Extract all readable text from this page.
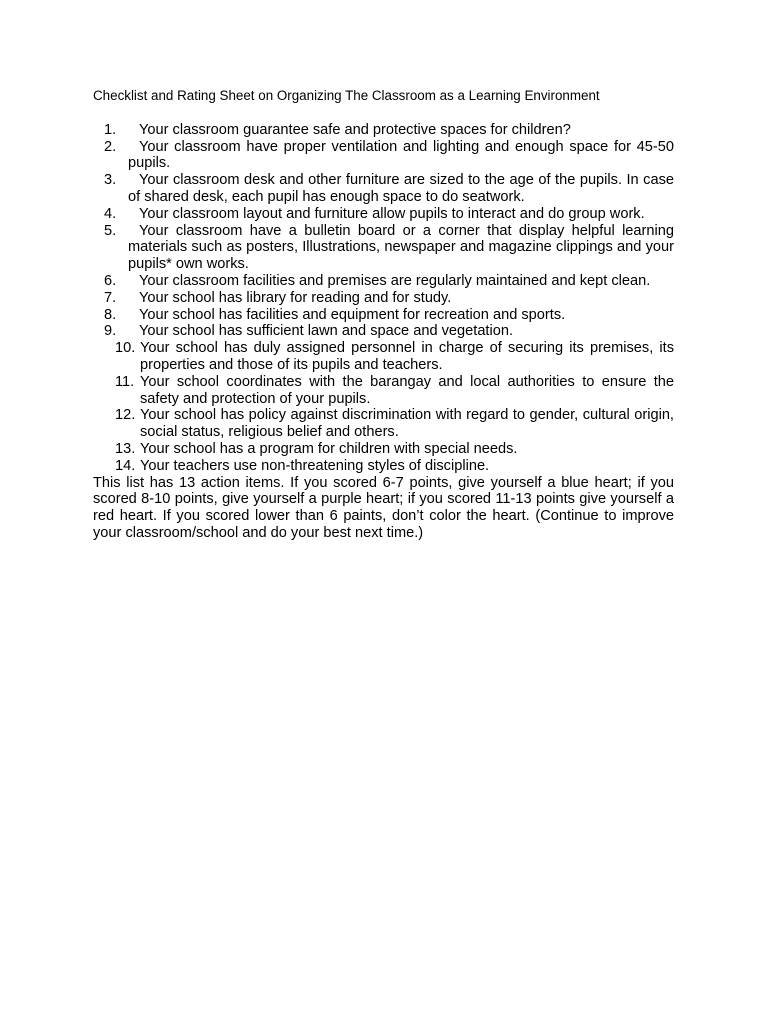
Checklist and Rating Sheet on Organizing The Classroom as a Learning Environment
1.	Your classroom guarantee safe and protective spaces for children?
2.	Your classroom have proper ventilation and lighting and enough space for 45-50 pupils.
3.	Your classroom desk and other furniture are sized to the age of the pupils. In case of shared desk, each pupil has enough space to do seatwork.
4.	Your classroom layout and furniture allow pupils to interact and do group work.
5.	Your classroom have a bulletin board or a corner that display helpful learning materials such as posters, Illustrations, newspaper and magazine clippings and your pupils* own works.
6.	Your classroom facilities and premises are regularly maintained and kept clean.
7.	Your school has library for reading and for study.
8.	Your school has facilities and equipment for recreation and sports.
9.	Your school has sufficient lawn and space and vegetation.
10. Your school has duly assigned personnel in charge of securing its premises, its properties and those of its pupils and teachers.
11. Your school coordinates with the barangay and local authorities to ensure the safety and protection of your pupils.
12. Your school has policy against discrimination with regard to gender, cultural origin, social status, religious belief and others.
13. Your school has a program for children with special needs.
14. Your teachers use non-threatening styles of discipline.

This list has 13 action items. If you scored 6-7 points, give yourself a blue heart; if you scored 8-10 points, give yourself a purple heart; if you scored 11-13 points give yourself a red heart. If you scored lower than 6 paints, don’t color the heart. (Continue to improve your classroom/school and do your best next time.)
